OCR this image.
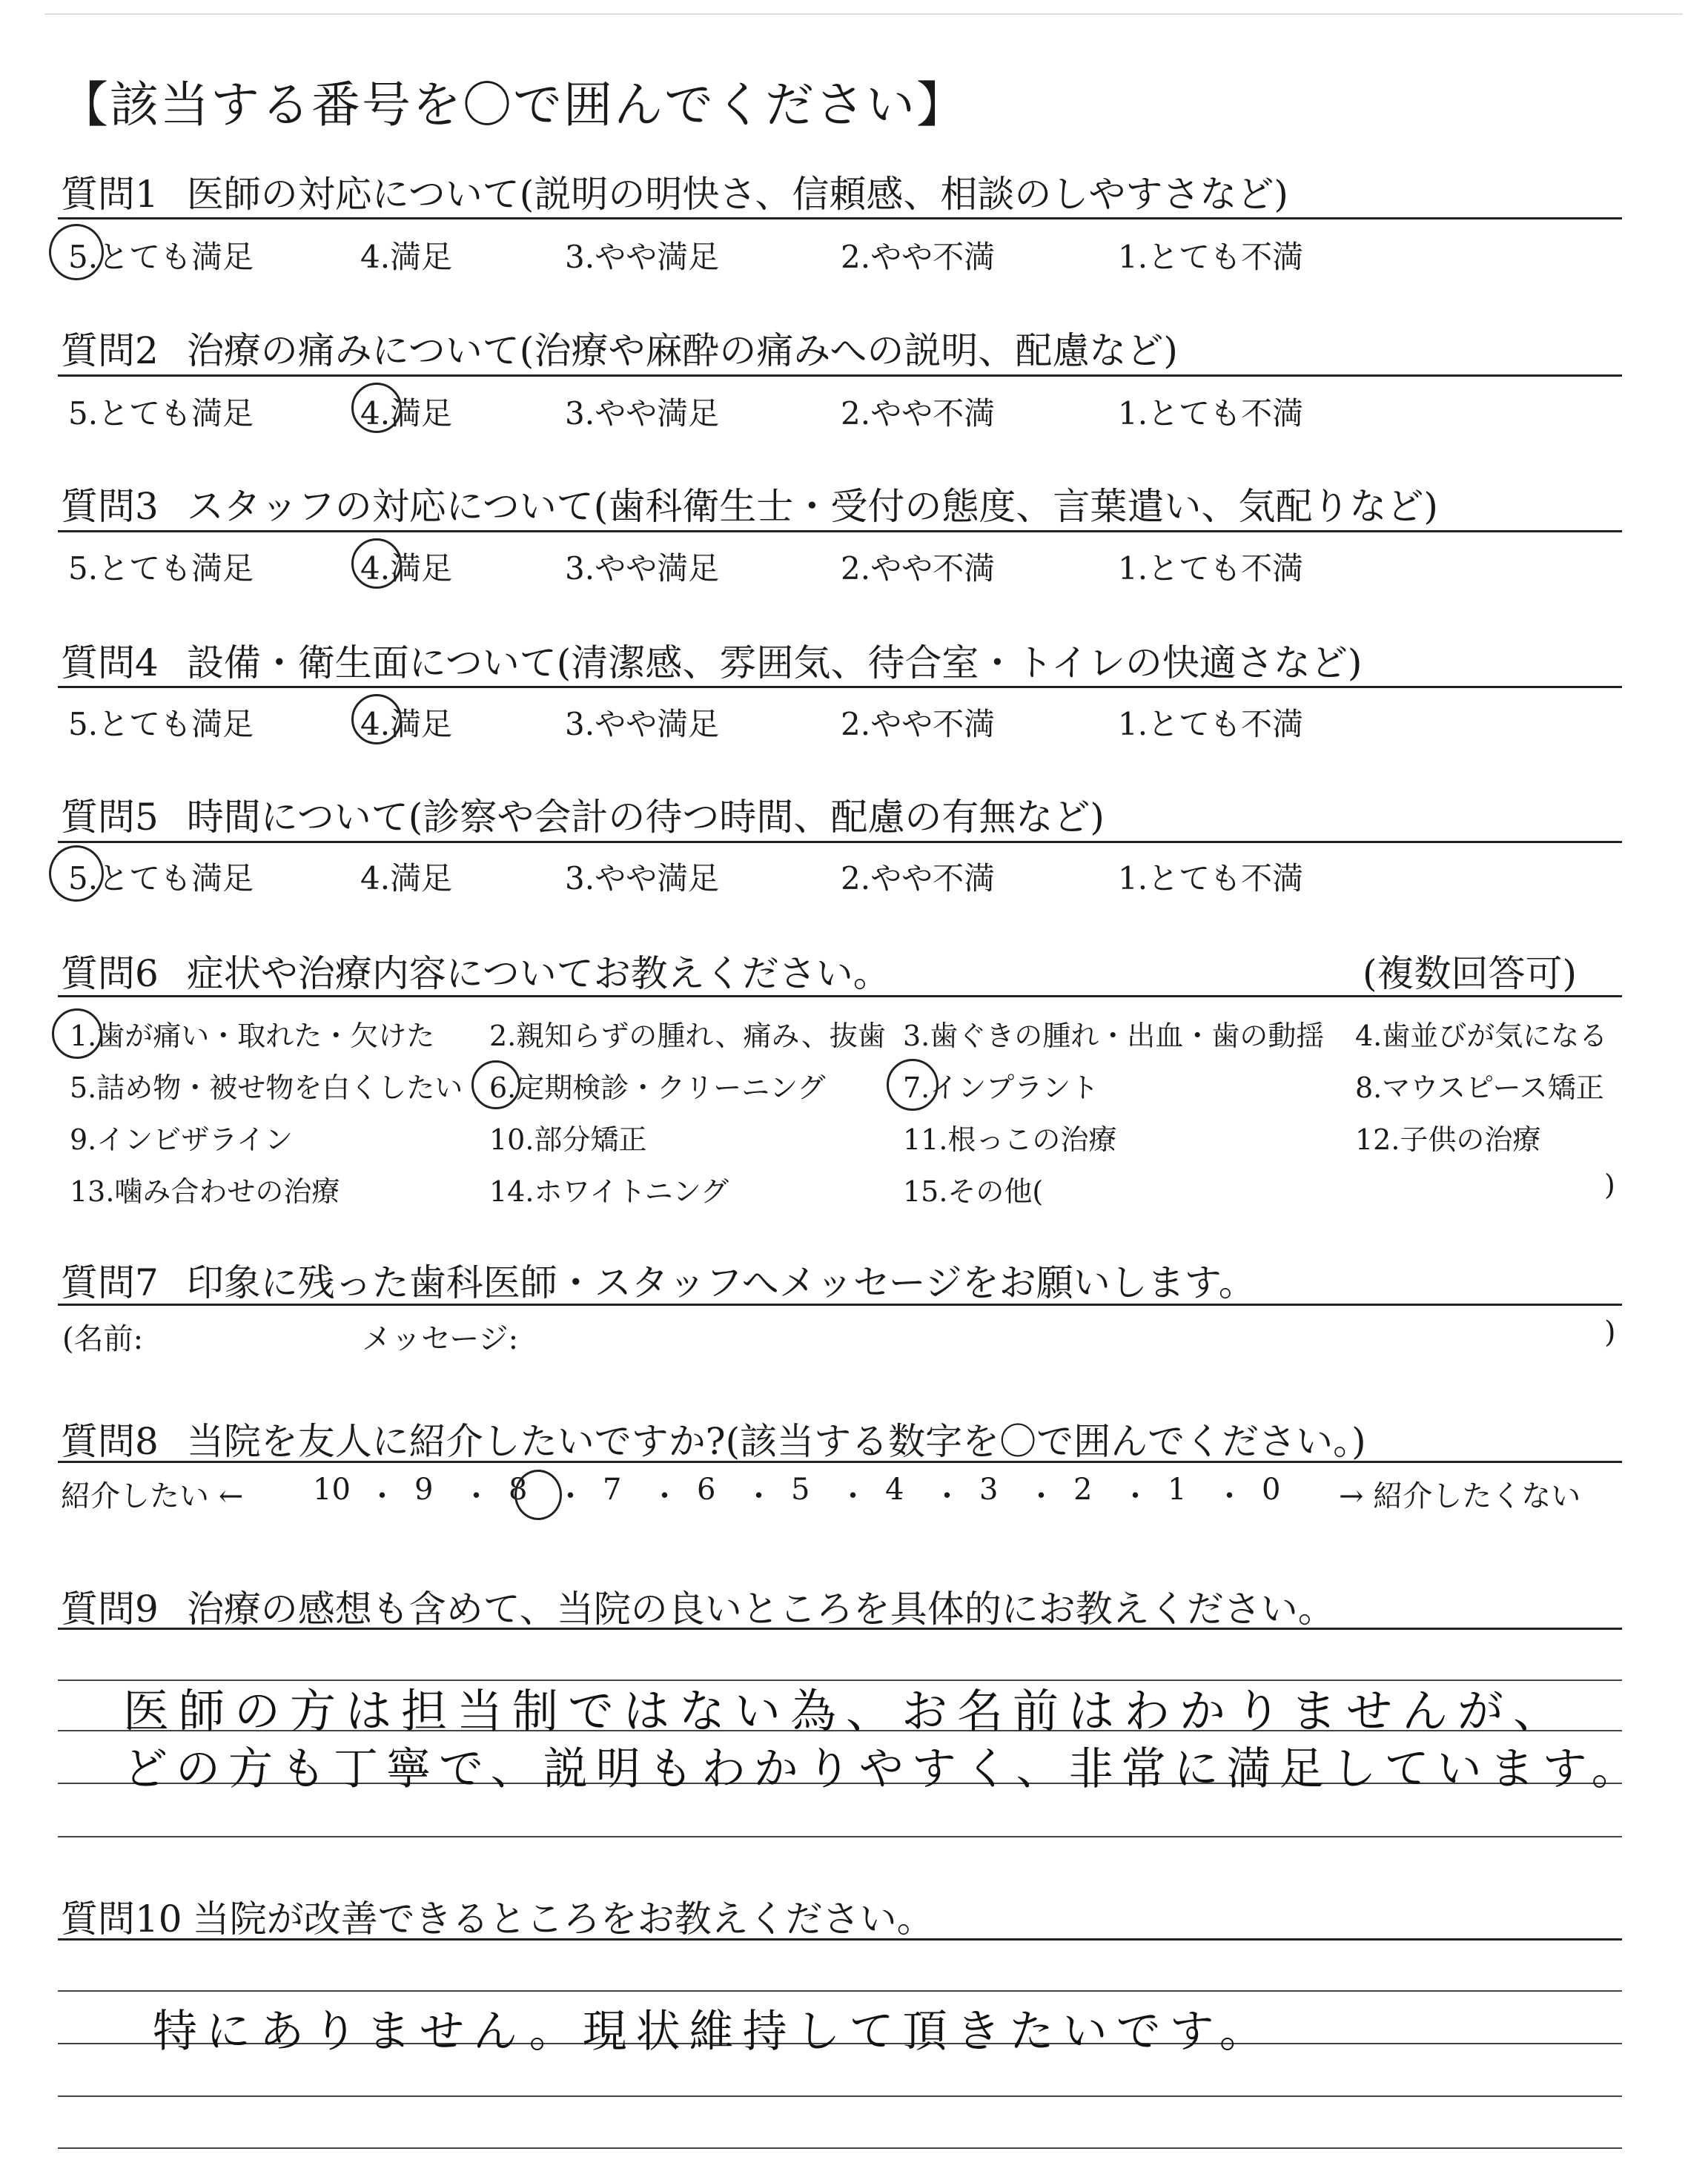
【該当する番号を〇で囲んでください】
質問1 医師の対応について(説明の明快さ、信頼感、相談のしやすさなど)
5.とても満足	4.満足	3.やや満足	2.やや不満	1.とても不満
質問2 治療の痛みについて(治療や麻酔の痛みへの説明、配慮など)
5.とても満足	4.満足	3.やや満足	2.やや不満	1.とても不満
質問3 スタッフの対応について(歯科衛生士・受付の態度、言葉遣い、気配りなど)
5.とても満足	4.満足	3.やや満足	2.やや不満	1.とても不満
質問4 設備・衛生面について(清潔感、雰囲気、待合室・トイレの快適さなど)
5.とても満足	4.満足	3.やや満足	2.やや不満	1.とても不満
質問5 時間について(診察や会計の待つ時間、配慮の有無など)
5.とても満足	4.満足	3.やや満足	2.やや不満	1.とても不満
質問6 症状や治療内容についてお教えください。	(複数回答可)
1.歯が痛い・取れた・欠けた 2.親知らずの腫れ、痛み、抜歯 3.歯ぐきの腫れ・出血・歯の動揺 4.歯並びが気になる
5.詰め物・被せ物を白くしたい 6.定期検診・クリーニング	7.インプラント	8.マウスピース矯正
9.インビザライン	10.部分矯正	11.根っこの治療	12.子供の治療
13.噛み合わせの治療	14.ホワイトニング	15.その他(	)
質問7 印象に残った歯科医師・スタッフへメッセージをお願いします。
(名前:	メッセージ:	)
質問8 当院を友人に紹介したいですか?(該当する数字を〇で囲んでください。)
紹介したい ←	→ 紹介したくない
10 ・ 9 ・ 8 ・ 7 ・ 6 ・ 5 ・ 4 ・ 3 ・ 2 ・ 1 ・ 0
質問9 治療の感想も含めて、当院の良いところを具体的にお教えください。
医師の方は担当制ではない為、お名前はわかりませんが、
どの方も丁寧で、説明もわかりやすく、非常に満足しています。
質問10 当院が改善できるところをお教えください。
特にありません。現状維持して頂きたいです。
